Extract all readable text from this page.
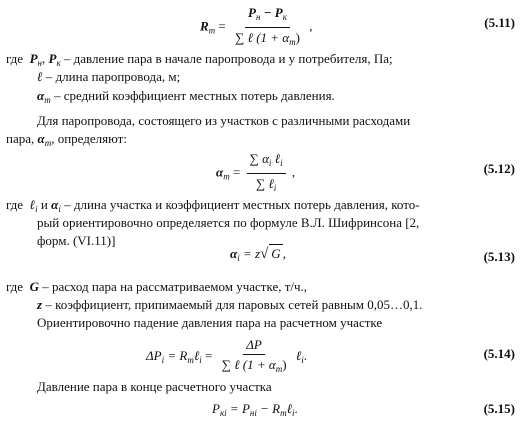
$R_m = \frac{P_н - P_к}{\sum \ell (1 + \alpha_m)}$ ,	(5.11)
где $P_н$, $P_к$ – давление пара в начале паропровода и у потребителя, Па;
ℓ – длина паропровода, м;
$\alpha_m$ – средний коэффициент местных потерь давления.
Для паропровода, состоящего из участков с различными расходами
пара, $\alpha_m$, определяют:
$\alpha_m = \frac{\sum \alpha_i \ell_i}{\sum \ell_i}$ ,	(5.12)
где ℓ$_i$ и $\alpha_i$ – длина участка и коэффициент местных потерь давления, кото-
рый ориентировочно определяется по формуле В.Л. Шифринсона [2,
форм. (VI.11)]
$\alpha_i = z√$ G ,	(5.13)
где G – расход пара на рассматриваемом участке, т/ч.,
z – коэффициент, припимаемый для паровых сетей равным 0,05…0,1.
Ориентировочно падение давления пара на расчетном участке
$\Delta P_i$ = $R_m\ell_i = \frac{\Delta P}{\sum \ell (1 + \alpha_m)}$ ℓ$_i$.	(5.14)
Давление пара в конце расчетного участка
$P_{кi} = P_{нi}$ − $R_m\ell_i$.	(5.15)
